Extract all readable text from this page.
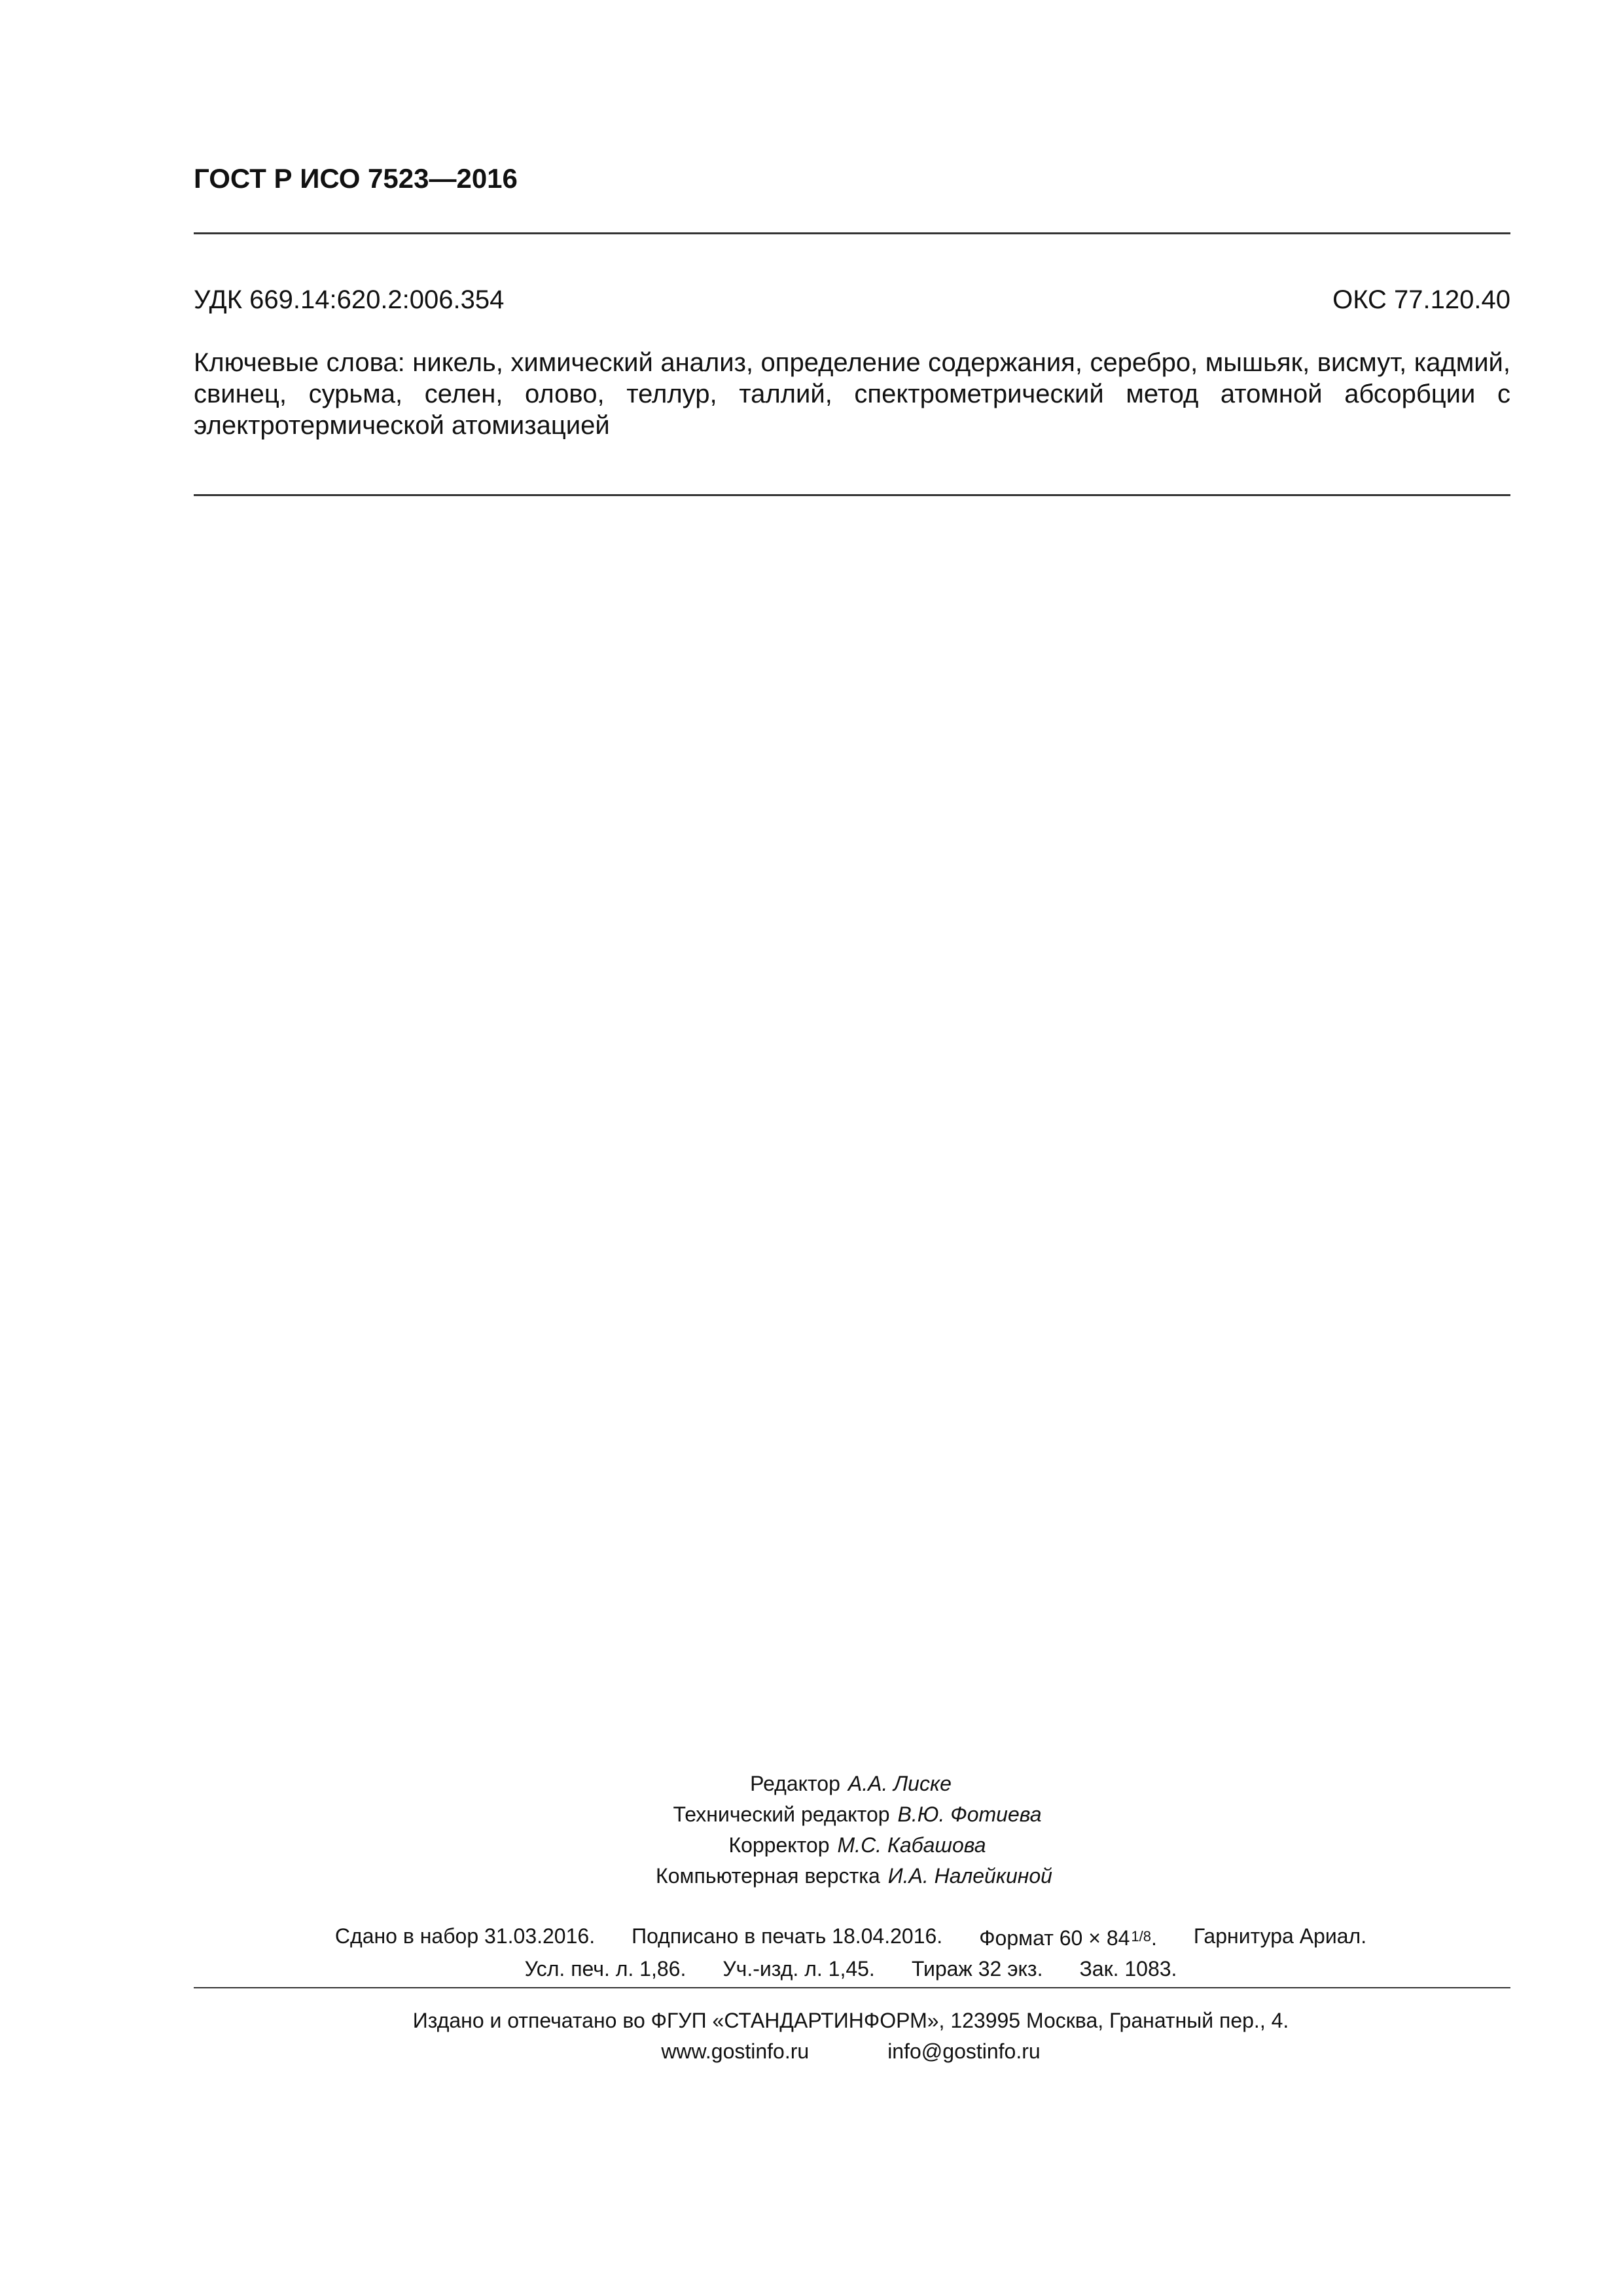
ГОСТ Р ИСО 7523—2016
УДК 669.14:620.2:006.354	ОКС 77.120.40
Ключевые слова: никель, химический анализ, определение содержания, серебро, мышьяк, висмут, кадмий, свинец, сурьма, селен, олово, теллур, таллий, спектрометрический метод атомной абсорбции с электротермической атомизацией
Редактор А.А. Лиске
Технический редактор В.Ю. Фотиева
Корректор М.С. Кабашова
Компьютерная верстка И.А. Налейкиной
Сдано в набор 31.03.2016. Подписано в печать 18.04.2016. Формат 60 × 841/8. Гарнитура Ариал.
Усл. печ. л. 1,86. Уч.-изд. л. 1,45. Тираж 32 экз. Зак. 1083.
Издано и отпечатано во ФГУП «СТАНДАРТИНФОРМ», 123995 Москва, Гранатный пер., 4.
www.gostinfo.ru	info@gostinfo.ru
